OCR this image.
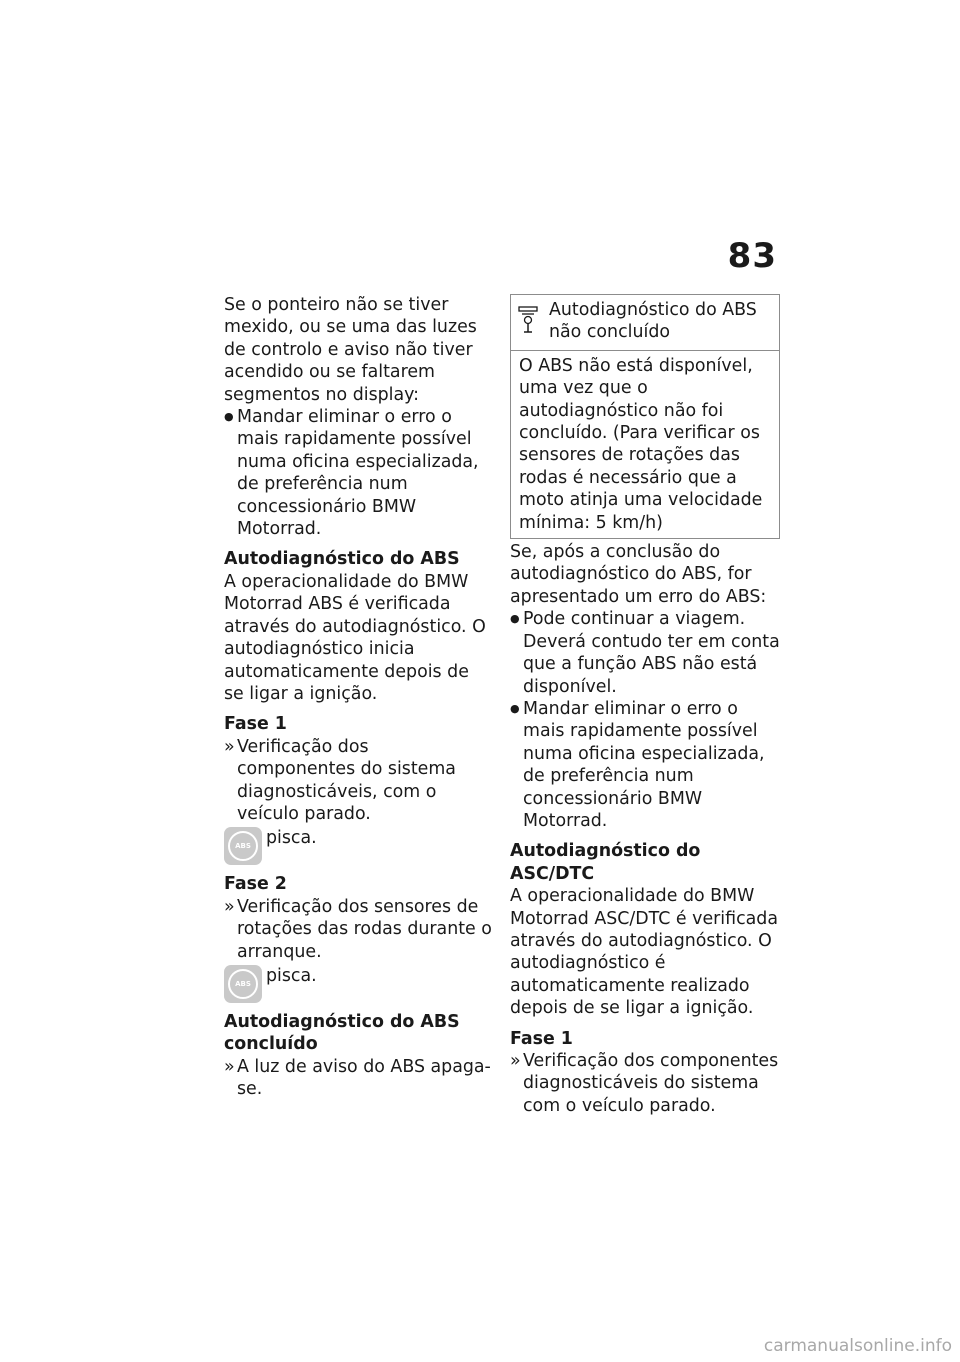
83

Se o ponteiro não se tiver mexido, ou se uma das luzes de controlo e aviso não tiver acendido ou se faltarem segmentos no display:

● Mandar eliminar o erro o mais rapidamente possível numa oficina especializada, de preferência num concessionário BMW Motorrad.

Autodiagnóstico do ABS

A operacionalidade do BMW Motorrad ABS é verificada através do autodiagnóstico. O autodiagnóstico inicia automaticamente depois de se ligar a ignição.

Fase 1

» Verificação dos componentes do sistema diagnosticáveis, com o veículo parado.

ABS pisca.
Fase 2

» Verificação dos sensores de rotações das rodas durante o arranque.

ABS pisca.
Autodiagnóstico do ABS concluído

» A luz de aviso do ABS apaga-se.

Autodiagnóstico do ABS não concluído
O ABS não está disponível, uma vez que o autodiagnóstico não foi concluído. (Para verificar os sensores de rotações das rodas é necessário que a moto atinja uma velocidade mínima: 5 km/h)

Se, após a conclusão do autodiagnóstico do ABS, for apresentado um erro do ABS:

● Pode continuar a viagem. Deverá contudo ter em conta que a função ABS não está disponível.

● Mandar eliminar o erro o mais rapidamente possível numa oficina especializada, de preferência num concessionário BMW Motorrad.

Autodiagnóstico do ASC/DTC

A operacionalidade do BMW Motorrad ASC/DTC é verificada através do autodiagnóstico. O autodiagnóstico é automaticamente realizado depois de se ligar a ignição.

Fase 1

» Verificação dos componentes diagnosticáveis do sistema com o veículo parado.

carmanualsonline.info
